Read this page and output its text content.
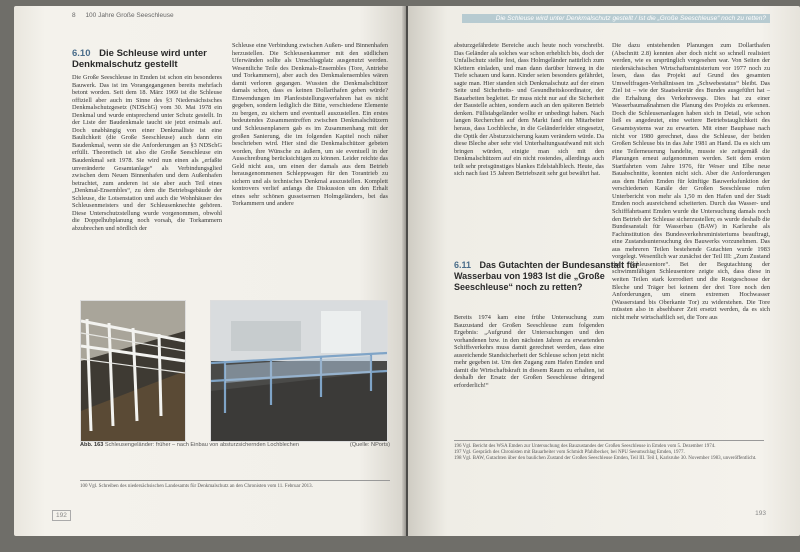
8 100 Jahre Große Seeschleuse
6.10 Die Schleuse wird unter Denkmalschutz gestellt

Die Große Seeschleuse in Emden ist schon ein besonderes Bauwerk. Das ist im Vorangegangenen bereits mehrfach betont worden. Seit dem 18. März 1969 ist die Schleuse offiziell aber auch im Sinne des §3 Niedersächsisches Denkmalschutzgesetz (NDSchG) vom 30. Mai 1978 ein Denkmal und wurde entsprechend unter Schutz gestellt. In der Liste der Baudenkmale taucht sie jetzt erstmals auf. Doch unabhängig von einer Denkmalliste ist eine Baulichkeit (die Große Seeschleuse) auch dann ein Baudenkmal, wenn sie die Anforderungen an §3 NDSchG erfüllt. Theoretisch ist also die Große Seeschleuse ein Baudenkmal seit 1978. Sie wird nun einen als „erfaßte unveränderte Gesamtanlage“ als Verbindungsglied zwischen dem Neuen Binnenhafen und dem Außenhafen betrachtet, zum anderen ist sie aber auch Teil eines „Denkmal-Ensembles“, zu dem die Betriebsgebäude der Schleuse, die Lotsenstation und auch die Wohnhäuser des Schleusenmeisters und der Schleusenknechte gehören. Diese Unterschutzstellung wurde vorgenommen, obwohl die Doppelhubplanung noch vorsah, die Torkammern abzubrechen und nördlich der

Schleuse eine Verbindung zwischen Außen- und Binnenhafen herzustellen. Die Schleusenkammer mit den südlichen Uferwänden sollte als Umschlagplatz ausgenutzt werden. Wesentliche Teile des Denkmals-Ensembles (Tore, Antriebe und Torkammern), aber auch des Denkmalensembles wären damit verloren gegangen. Wussten die Denkmalschützer damals schon, dass es keinen Dollarthafen geben würde? Einwendungen im Planfeststellungsverfahren hat es nicht gegeben, sondern lediglich die Bitte, verschiedene Elemente zu bergen, zu sichern und eventuell auszustellen. Ein erstes bedeutendes Zusammentreffen zwischen Denkmalschützern und Schleusenplanern gab es im Zusammenhang mit der großen Sanierung, die im folgenden Kapitel noch näher beschrieben wird. Hier sind die Denkmalschützer gebeten worden, ihre Wünsche zu äußern, um sie eventuell in der Ausschreibung berücksichtigen zu können. Leider reichte das Geld nicht aus, um einen der damals aus dem Betrieb herausgenommenen Schleppwagen für den Torantrieb zu sichern und als technisches Denkmal auszustellen. Komplett kontrovers verlief anfangs die Diskussion um den Erhalt eines sehr schönen gusseisernen Holmgeländers, bei das Torkammern und andere

Abb. 163 Schleusengeländer: früher – nach Einbau von absturzsichernden Lochblechen	(Quelle: NPorts)
100 Vgl. Schreiben des niedersächsischen Landesamts für Denkmalschutz an den Chronisten vom 11. Februar 2013.
192
Die Schleuse wird unter Denkmalschutz gestellt / Ist die „Große Seeschleuse“ noch zu retten?

absturzgefährdete Bereiche auch heute noch vorschreibt. Das Geländer als solches war schon erheblich bis, doch der Unfallschutz stellte fest, dass Holmgeländer natürlich zum Klettern einladen, und man dann darüber hinweg in die Tiefe schauen und kann. Kinder seien besonders gefährdet, sagte man. Hier standen sich Denkmalschutz auf der einen Seite und Sicherheits- und Gesundheitskoordinator, der Bauarbeiten begleitet. Er muss nicht nur auf die Sicherheit der Baustelle achten, sondern auch an den späteren Betrieb denken. Füllstabgeländer wollte er unbedingt haben. Nach langen Recherchen auf dem Markt fand ein Mitarbeiter heraus, dass Lochbleche, in die Geländerfelder eingesetzt, die Optik der Absturzsicherung kaum verändern würde. Da diese Bleche aber sehr viel Unterhaltungsaufwand mit sich bringen würden, einigte man sich mit den Denkmalschützern auf ein nicht rostendes, allerdings auch teilt sehr preisgünstiges blankes Edelstahlblech. Heute, das sich nach fast 15 Jahren Betriebszeit sehr gut bewährt hat.

6.11 Das Gutachten der Bundesanstalt für Wasserbau von 1983 Ist die „Große Seeschleuse“ noch zu retten?

Bereits 1974 kam eine frühe Untersuchung zum Bauzustand der Großen Seeschleuse zum folgenden Ergebnis: „Aufgrund der Untersuchungen und den vorhandenen bzw. in den nächsten Jahren zu erwartenden Schiffsverkehrs muss damit gerechnet werden, dass eine ausreichende Standsicherheit der Schleuse schon jetzt nicht mehr gegeben ist. Um den Zugang zum Hafen Emden und damit die Wirtschaftskraft in diesem Raum zu erhalten, ist deshalb der Ersatz der Großen Seeschleuse dringend erforderlich!“

Die dazu entstehenden Planungen zum Dollarthafen (Abschnitt 2.8) kennten aber doch nicht so schnell realisiert werden, wie es ursprünglich vorgesehen war. Von Seiten der niedersächsischen Wirtschaftsministerium vor 1977 noch zu lesen, dass das Projekt auf Grund des gesamten Umweltfragen-Verhältnissen im „Schwebestatus“ bleibt. Das Ziel ist – wie der Staatsekretär des Bundes ausgeführt hat – die Erhaltung des Verkehrswegs. Dies hat zu einer Wasserbaumaßnahmen die Planung des Projekts zu erkennen. Doch die Schleusenanlagen haben sich in Detail, wie schon ließ es angedeutet, eine weitere Betriebstauglichkeit des Gesamtsystems war zu erwarten. Mit einer Bauphase nach nicht vor 1980 gerechnet, dass die Schleuse, der beiden Großen Schleuse bis in das Jahr 1981 an Hand. Da es sich um eine Teilerneuerung handelte, musste sie zeitgemäß die Planungen erneut aufgenommen werden. Seit dem ersten Startfahrten vom Jahre 1976, für Weser und Elbe neue Bauabschnitte, konnten nicht sich. Aber die Anforderungen aus dem Hafen Emden für künftige Bauwerksfunktion der verschiedenen Kanäle der Großen Seeschleuse rufen Unterbericht von mehr als 1,50 m den Hafen und der Stadt Emden noch ausreichend scheiterten. Durch das Wasser- und Schifffahrtsamt Emden wurde die Untersuchung damals noch den Betrieb der Schleuse sicherzustellen; es wurde deshalb die Bundesanstalt für Wasserbau (BAW) in Karlsruhe als Fachinstitution des Bundesverkehrsministeriums beauftragt, eine Zustandsuntersuchung des Bauwerks vorzunehmen. Das aus mehreren Teilen bestehende Gutachten wurde 1983 vorgelegt. Wesentlich war zunächst der Teil III: „Zum Zustand der Schleusentore“. Bei der Begutachtung der schwimmfähigen Schleusentore zeigte sich, dass diese in weiten Teilen stark korrodiert und die Rostgeschosse der Bleche und Träger bei keinem der drei Tore noch den Anforderungen, um einem extremen Hochwasser (Wasserstand bis Oberkante Tor) zu widerstehen. Die Tore müssten also in absehbarer Zeit ersetzt werden, da es sich nicht mehr wirtschaftlich sei, die Tore aus

196 Vgl. Bericht des WSA Emden zur Untersuchung des Bauzustandes der Großen Seeschleuse in Emden vom 5. Dezember 1974.
197 Vgl. Gespräch des Chronisten mit Bauarbeiter vom Schmidt Pfahlbecker, bei NPU Seeumschlag Emden, 1977.
198 Vgl. BAW, Gutachten über den baulichen Zustand der Großen Seeschleuse Emden, Teil III. Teil I, Karlsruhe 30. November 1983, unveröffentlicht.
193
